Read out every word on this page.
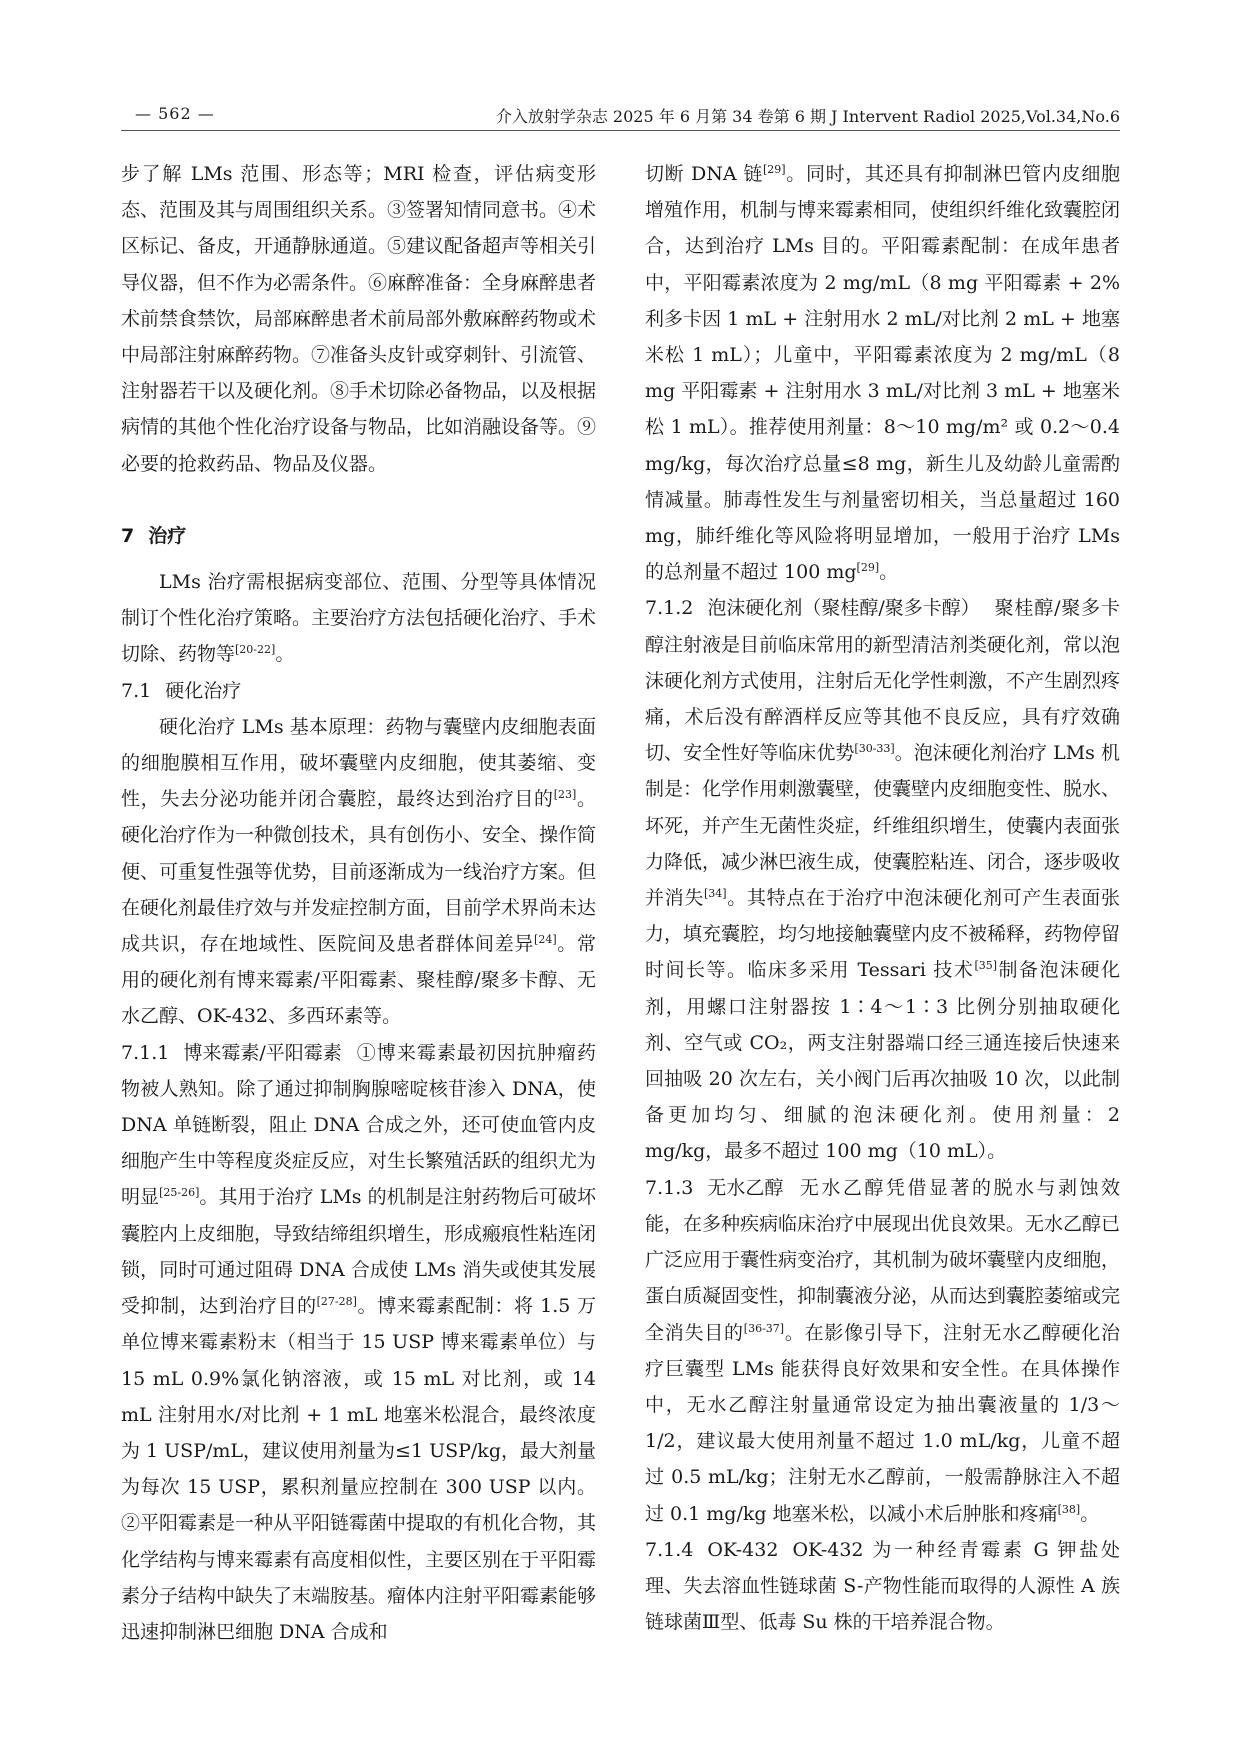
— 562 —	介入放射学杂志 2025 年 6 月第 34 卷第 6 期 J Intervent Radiol 2025,Vol.34,No.6

步了解 LMs 范围、形态等；MRI 检查，评估病变形态、范围及其与周围组织关系。③签署知情同意书。④术区标记、备皮，开通静脉通道。⑤建议配备超声等相关引导仪器，但不作为必需条件。⑥麻醉准备：全身麻醉患者术前禁食禁饮，局部麻醉患者术前局部外敷麻醉药物或术中局部注射麻醉药物。⑦准备头皮针或穿刺针、引流管、注射器若干以及硬化剂。⑧手术切除必备物品，以及根据病情的其他个性化治疗设备与物品，比如消融设备等。⑨必要的抢救药品、物品及仪器。

7 治疗

LMs 治疗需根据病变部位、范围、分型等具体情况制订个性化治疗策略。主要治疗方法包括硬化治疗、手术切除、药物等[20-22]。

7.1 硬化治疗

硬化治疗 LMs 基本原理：药物与囊壁内皮细胞表面的细胞膜相互作用，破坏囊壁内皮细胞，使其萎缩、变性，失去分泌功能并闭合囊腔，最终达到治疗目的[23]。硬化治疗作为一种微创技术，具有创伤小、安全、操作简便、可重复性强等优势，目前逐渐成为一线治疗方案。但在硬化剂最佳疗效与并发症控制方面，目前学术界尚未达成共识，存在地域性、医院间及患者群体间差异[24]。常用的硬化剂有博来霉素/平阳霉素、聚桂醇/聚多卡醇、无水乙醇、OK-432、多西环素等。

7.1.1 博来霉素/平阳霉素 ①博来霉素最初因抗肿瘤药物被人熟知。除了通过抑制胸腺嘧啶核苷渗入 DNA，使 DNA 单链断裂，阻止 DNA 合成之外，还可使血管内皮细胞产生中等程度炎症反应，对生长繁殖活跃的组织尤为明显[25-26]。其用于治疗 LMs 的机制是注射药物后可破坏囊腔内上皮细胞，导致结缔组织增生，形成瘢痕性粘连闭锁，同时可通过阻碍 DNA 合成使 LMs 消失或使其发展受抑制，达到治疗目的[27-28]。博来霉素配制：将 1.5 万单位博来霉素粉末（相当于 15 USP 博来霉素单位）与 15 mL 0.9%氯化钠溶液，或 15 mL 对比剂，或 14 mL 注射用水/对比剂 + 1 mL 地塞米松混合，最终浓度为 1 USP/mL，建议使用剂量为≤1 USP/kg，最大剂量为每次 15 USP，累积剂量应控制在 300 USP 以内。②平阳霉素是一种从平阳链霉菌中提取的有机化合物，其化学结构与博来霉素有高度相似性，主要区别在于平阳霉素分子结构中缺失了末端胺基。瘤体内注射平阳霉素能够迅速抑制淋巴细胞 DNA 合成和

切断 DNA 链[29]。同时，其还具有抑制淋巴管内皮细胞增殖作用，机制与博来霉素相同，使组织纤维化致囊腔闭合，达到治疗 LMs 目的。平阳霉素配制：在成年患者中，平阳霉素浓度为 2 mg/mL（8 mg 平阳霉素 + 2%利多卡因 1 mL + 注射用水 2 mL/对比剂 2 mL + 地塞米松 1 mL）；儿童中，平阳霉素浓度为 2 mg/mL（8 mg 平阳霉素 + 注射用水 3 mL/对比剂 3 mL + 地塞米松 1 mL）。推荐使用剂量：8～10 mg/m² 或 0.2～0.4 mg/kg，每次治疗总量≤8 mg，新生儿及幼龄儿童需酌情减量。肺毒性发生与剂量密切相关，当总量超过 160 mg，肺纤维化等风险将明显增加，一般用于治疗 LMs 的总剂量不超过 100 mg[29]。

7.1.2 泡沫硬化剂（聚桂醇/聚多卡醇） 聚桂醇/聚多卡醇注射液是目前临床常用的新型清洁剂类硬化剂，常以泡沫硬化剂方式使用，注射后无化学性刺激，不产生剧烈疼痛，术后没有醉酒样反应等其他不良反应，具有疗效确切、安全性好等临床优势[30-33]。泡沫硬化剂治疗 LMs 机制是：化学作用刺激囊壁，使囊壁内皮细胞变性、脱水、坏死，并产生无菌性炎症，纤维组织增生，使囊内表面张力降低，减少淋巴液生成，使囊腔粘连、闭合，逐步吸收并消失[34]。其特点在于治疗中泡沫硬化剂可产生表面张力，填充囊腔，均匀地接触囊壁内皮不被稀释，药物停留时间长等。临床多采用 Tessari 技术[35]制备泡沫硬化剂，用螺口注射器按 1∶4～1∶3 比例分别抽取硬化剂、空气或 CO₂，两支注射器端口经三通连接后快速来回抽吸 20 次左右，关小阀门后再次抽吸 10 次，以此制备更加均匀、细腻的泡沫硬化剂。使用剂量：2 mg/kg，最多不超过 100 mg（10 mL）。

7.1.3 无水乙醇 无水乙醇凭借显著的脱水与剥蚀效能，在多种疾病临床治疗中展现出优良效果。无水乙醇已广泛应用于囊性病变治疗，其机制为破坏囊壁内皮细胞，蛋白质凝固变性，抑制囊液分泌，从而达到囊腔萎缩或完全消失目的[36-37]。在影像引导下，注射无水乙醇硬化治疗巨囊型 LMs 能获得良好效果和安全性。在具体操作中，无水乙醇注射量通常设定为抽出囊液量的 1/3～1/2，建议最大使用剂量不超过 1.0 mL/kg，儿童不超过 0.5 mL/kg；注射无水乙醇前，一般需静脉注入不超过 0.1 mg/kg 地塞米松，以减小术后肿胀和疼痛[38]。

7.1.4 OK-432 OK-432 为一种经青霉素 G 钾盐处理、失去溶血性链球菌 S-产物性能而取得的人源性 A 族链球菌Ⅲ型、低毒 Su 株的干培养混合物。
